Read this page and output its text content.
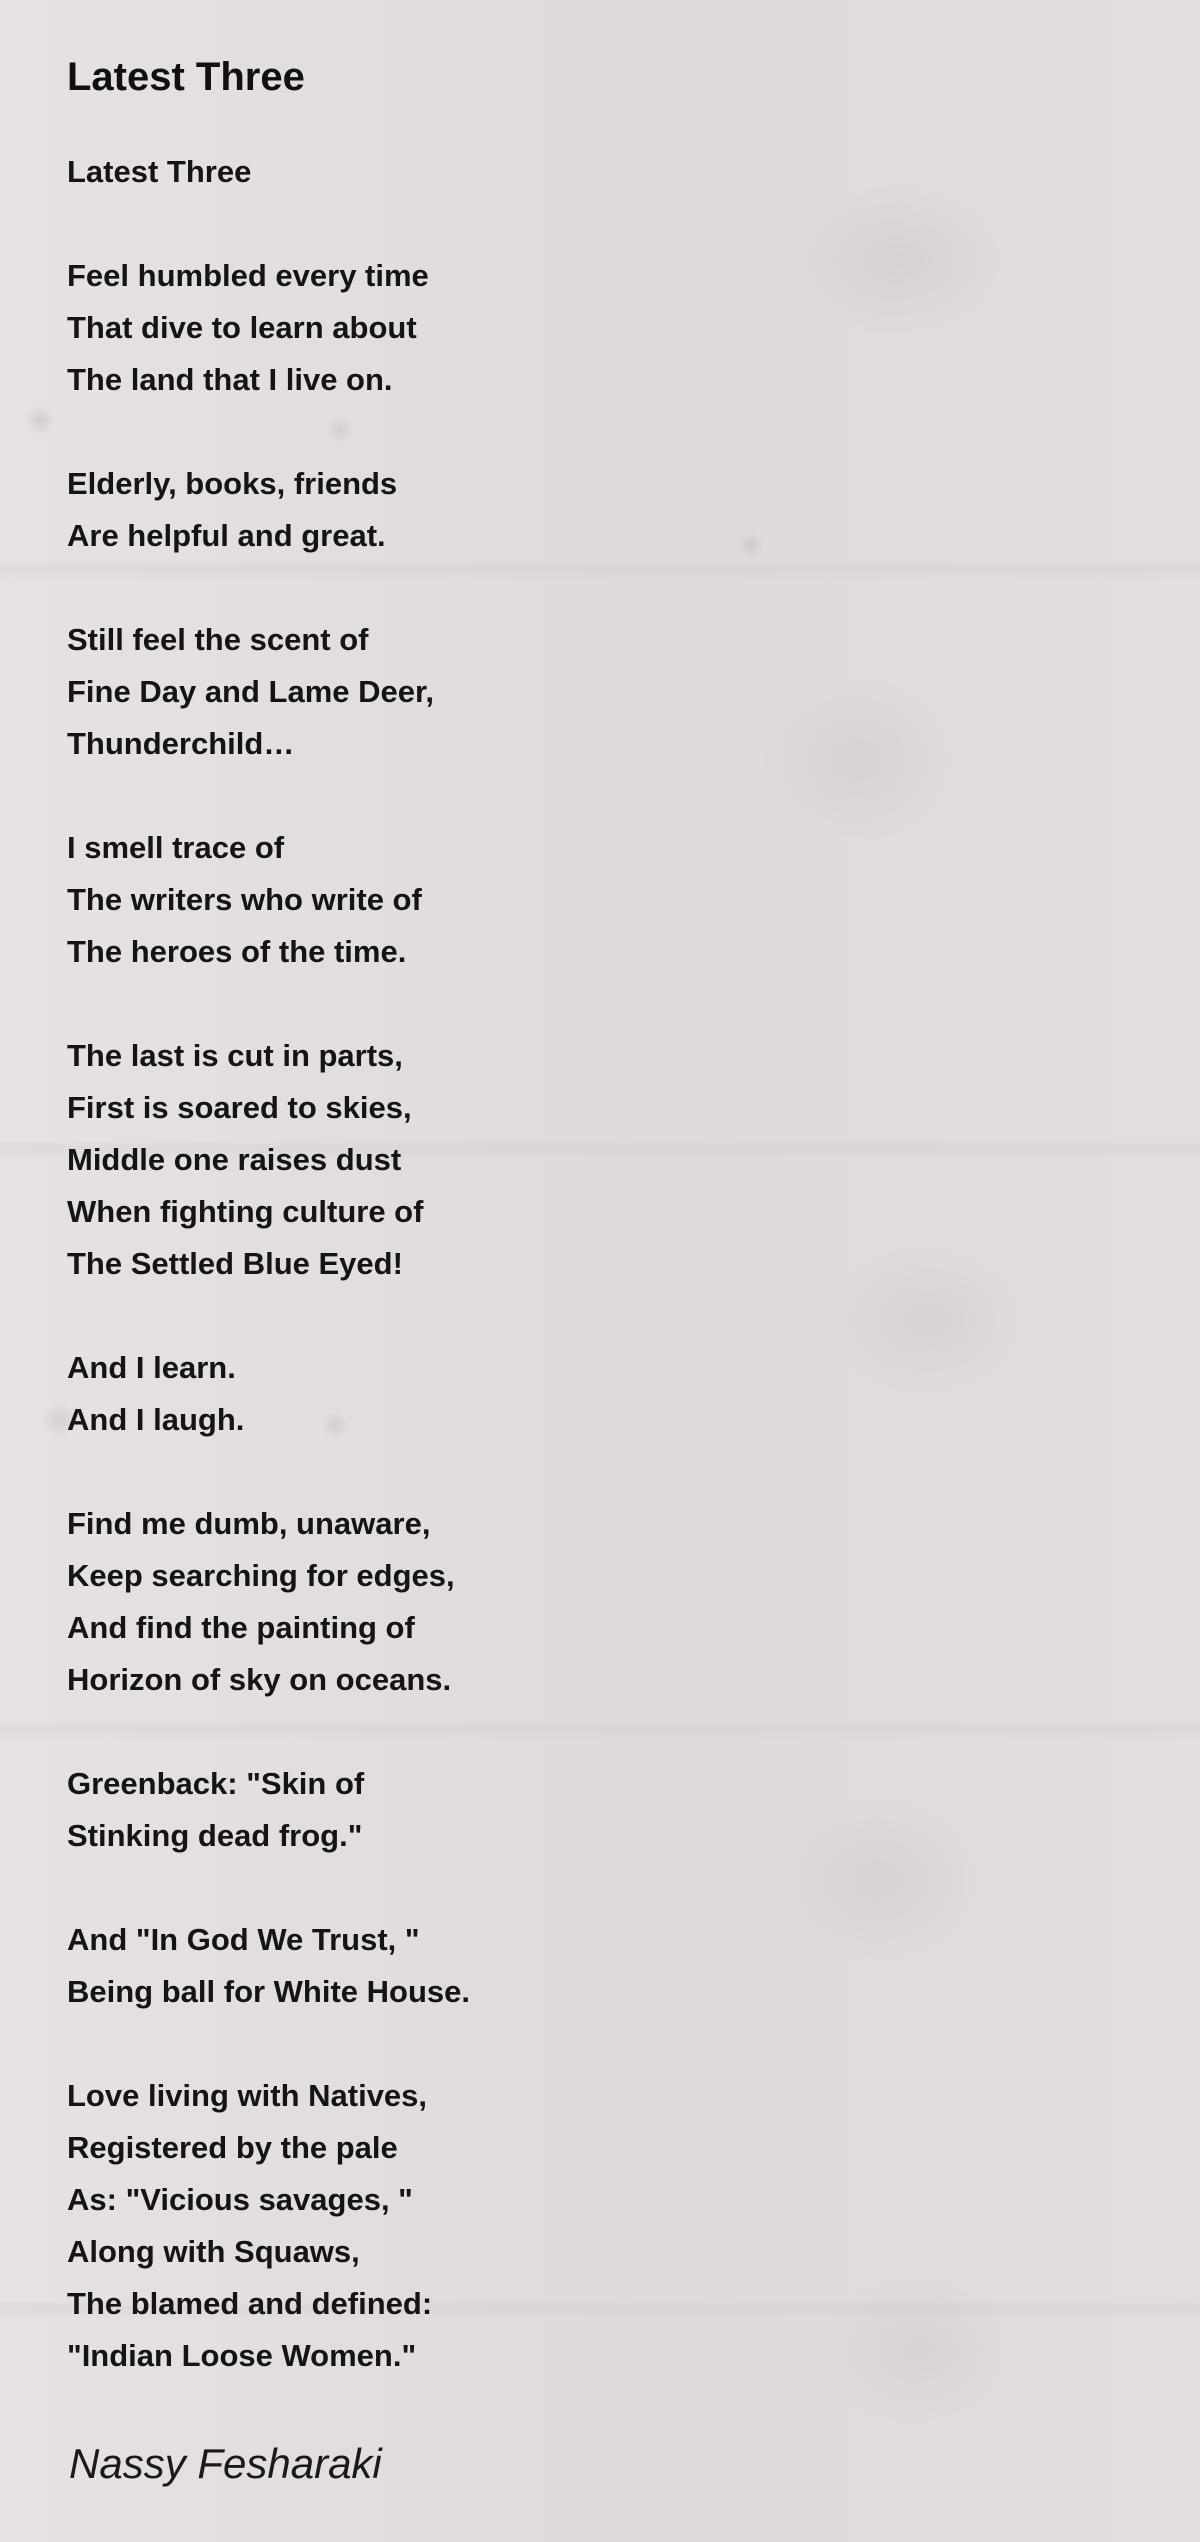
Latest Three
Latest Three
Feel humbled every time
That dive to learn about
The land that I live on.
Elderly, books, friends
Are helpful and great.
Still feel the scent of
Fine Day and Lame Deer,
Thunderchild…
I smell trace of
The writers who write of
The heroes of the time.
The last is cut in parts,
First is soared to skies,
Middle one raises dust
When fighting culture of
The Settled Blue Eyed!
And I learn.
And I laugh.
Find me dumb, unaware,
Keep searching for edges,
And find the painting of
Horizon of sky on oceans.
Greenback: "Skin of
Stinking dead frog."
And "In God We Trust, "
Being ball for White House.
Love living with Natives,
Registered by the pale
As: "Vicious savages, "
Along with Squaws,
The blamed and defined:
"Indian Loose Women."
Nassy Fesharaki
